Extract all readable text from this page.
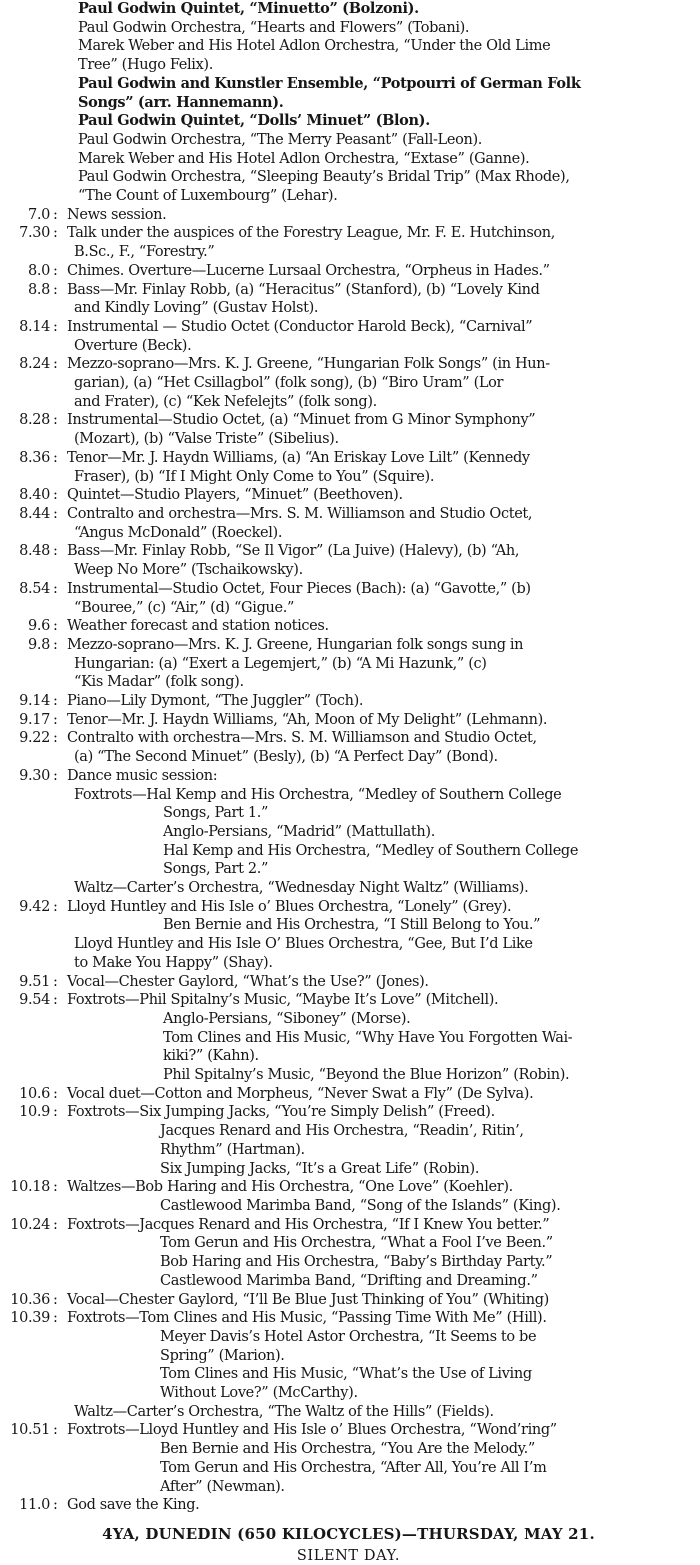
Paul Godwin Quintet, “Minuetto” (Bolzoni).
Paul Godwin Orchestra, “Hearts and Flowers” (Tobani).
Marek Weber and His Hotel Adlon Orchestra, “Under the Old Lime
Tree” (Hugo Felix).
Paul Godwin and Kunstler Ensemble, “Potpourri of German Folk
Songs” (arr. Hannemann).
Paul Godwin Quintet, “Dolls’ Minuet” (Blon).
Paul Godwin Orchestra, “The Merry Peasant” (Fall-Leon).
Marek Weber and His Hotel Adlon Orchestra, “Extase” (Ganne).
Paul Godwin Orchestra, “Sleeping Beauty’s Bridal Trip” (Max Rhode),
“The Count of Luxembourg” (Lehar).
7.0 : News session.
7.30 : Talk under the auspices of the Forestry League, Mr. F. E. Hutchinson,
B.Sc., F., “Forestry.”
8.0 : Chimes. Overture—Lucerne Lursaal Orchestra, “Orpheus in Hades.”
8.8 : Bass—Mr. Finlay Robb, (a) “Heracitus” (Stanford), (b) “Lovely Kind
and Kindly Loving” (Gustav Holst).
8.14 : Instrumental — Studio Octet (Conductor Harold Beck), “Carnival”
Overture (Beck).
8.24 : Mezzo-soprano—Mrs. K. J. Greene, “Hungarian Folk Songs” (in Hun-
garian), (a) “Het Csillagbol” (folk song), (b) “Biro Uram” (Lor
and Frater), (c) “Kek Nefelejts” (folk song).
8.28 : Instrumental—Studio Octet, (a) “Minuet from G Minor Symphony”
(Mozart), (b) “Valse Triste” (Sibelius).
8.36 : Tenor—Mr. J. Haydn Williams, (a) “An Eriskay Love Lilt” (Kennedy
Fraser), (b) “If I Might Only Come to You” (Squire).
8.40 : Quintet—Studio Players, “Minuet” (Beethoven).
8.44 : Contralto and orchestra—Mrs. S. M. Williamson and Studio Octet,
“Angus McDonald” (Roeckel).
8.48 : Bass—Mr. Finlay Robb, “Se Il Vigor” (La Juive) (Halevy), (b) “Ah,
Weep No More” (Tschaikowsky).
8.54 : Instrumental—Studio Octet, Four Pieces (Bach): (a) “Gavotte,” (b)
“Bouree,” (c) “Air,” (d) “Gigue.”
9.6 : Weather forecast and station notices.
9.8 : Mezzo-soprano—Mrs. K. J. Greene, Hungarian folk songs sung in
Hungarian: (a) “Exert a Legemjert,” (b) “A Mi Hazunk,” (c)
“Kis Madar” (folk song).
9.14 : Piano—Lily Dymont, “The Juggler” (Toch).
9.17 : Tenor—Mr. J. Haydn Williams, “Ah, Moon of My Delight” (Lehmann).
9.22 : Contralto with orchestra—Mrs. S. M. Williamson and Studio Octet,
(a) “The Second Minuet” (Besly), (b) “A Perfect Day” (Bond).
9.30 : Dance music session:
Foxtrots—Hal Kemp and His Orchestra, “Medley of Southern College
Songs, Part 1.”
Anglo-Persians, “Madrid” (Mattullath).
Hal Kemp and His Orchestra, “Medley of Southern College
Songs, Part 2.”
Waltz—Carter’s Orchestra, “Wednesday Night Waltz” (Williams).
9.42 : Lloyd Huntley and His Isle o’ Blues Orchestra, “Lonely” (Grey).
Ben Bernie and His Orchestra, “I Still Belong to You.”
Lloyd Huntley and His Isle O’ Blues Orchestra, “Gee, But I’d Like
to Make You Happy” (Shay).
9.51 : Vocal—Chester Gaylord, “What’s the Use?” (Jones).
9.54 : Foxtrots—Phil Spitalny’s Music, “Maybe It’s Love” (Mitchell).
Anglo-Persians, “Siboney” (Morse).
Tom Clines and His Music, “Why Have You Forgotten Wai-
kiki?” (Kahn).
Phil Spitalny’s Music, “Beyond the Blue Horizon” (Robin).
10.6 : Vocal duet—Cotton and Morpheus, “Never Swat a Fly” (De Sylva).
10.9 : Foxtrots—Six Jumping Jacks, “You’re Simply Delish” (Freed).
Jacques Renard and His Orchestra, “Readin’, Ritin’,
Rhythm” (Hartman).
Six Jumping Jacks, “It’s a Great Life” (Robin).
10.18 : Waltzes—Bob Haring and His Orchestra, “One Love” (Koehler).
Castlewood Marimba Band, “Song of the Islands” (King).
10.24 : Foxtrots—Jacques Renard and His Orchestra, “If I Knew You better.”
Tom Gerun and His Orchestra, “What a Fool I’ve Been.”
Bob Haring and His Orchestra, “Baby’s Birthday Party.”
Castlewood Marimba Band, “Drifting and Dreaming.”
10.36 : Vocal—Chester Gaylord, “I’ll Be Blue Just Thinking of You” (Whiting)
10.39 : Foxtrots—Tom Clines and His Music, “Passing Time With Me” (Hill).
Meyer Davis’s Hotel Astor Orchestra, “It Seems to be
Spring” (Marion).
Tom Clines and His Music, “What’s the Use of Living
Without Love?” (McCarthy).
Waltz—Carter’s Orchestra, “The Waltz of the Hills” (Fields).
10.51 : Foxtrots—Lloyd Huntley and His Isle o’ Blues Orchestra, “Wond’ring”
Ben Bernie and His Orchestra, “You Are the Melody.”
Tom Gerun and His Orchestra, “After All, You’re All I’m
After” (Newman).
11.0 : God save the King.
4YA, DUNEDIN (650 KILOCYCLES)—THURSDAY, MAY 21.
SILENT DAY.
